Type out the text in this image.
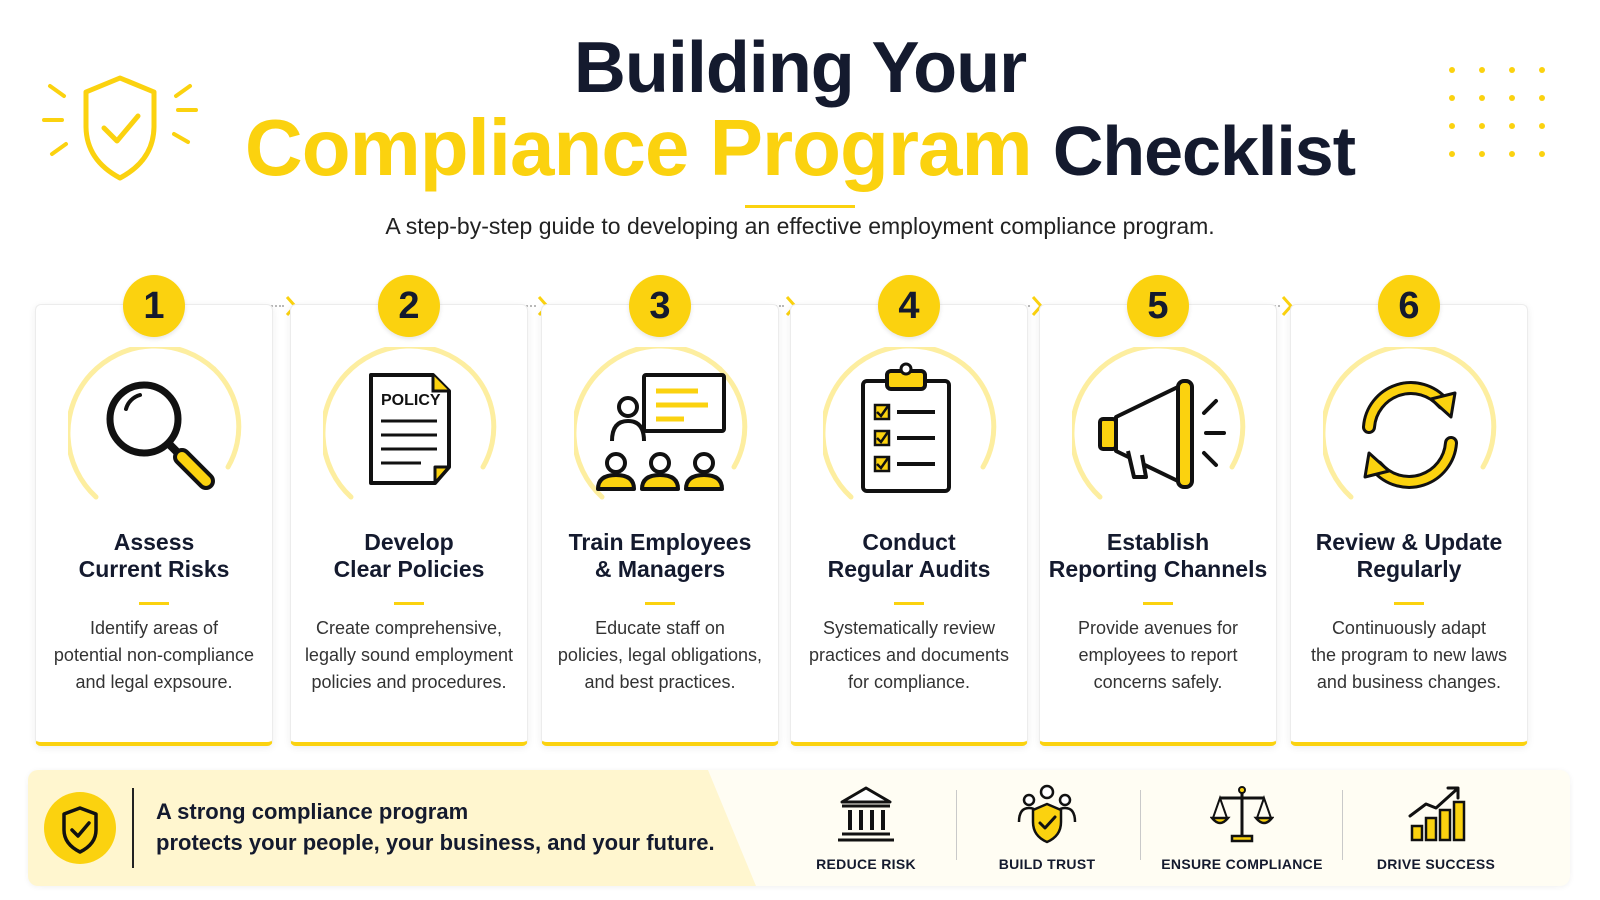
Building Your
Compliance Program Checklist
A step-by-step guide to developing an effective employment compliance program.
1
Assess
Current Risks
Identify areas of
potential non-compliance
and legal expsoure.
2
POLICY
Develop
Clear Policies
Create comprehensive,
legally sound employment
policies and procedures.
3
Train Employees
& Managers
Educate staff on
policies, legal obligations,
and best practices.
4
Conduct
Regular Audits
Systematically review
practices and documents
for compliance.
5
Establish
Reporting Channels
Provide avenues for
employees to report
concerns safely.
6
Review & Update
Regularly
Continuously adapt
the program to new laws
and business changes.
A strong compliance program
protects your people, your business, and your future.
REDUCE RISK	BUILD TRUST	ENSURE COMPLIANCE	DRIVE SUCCESS
